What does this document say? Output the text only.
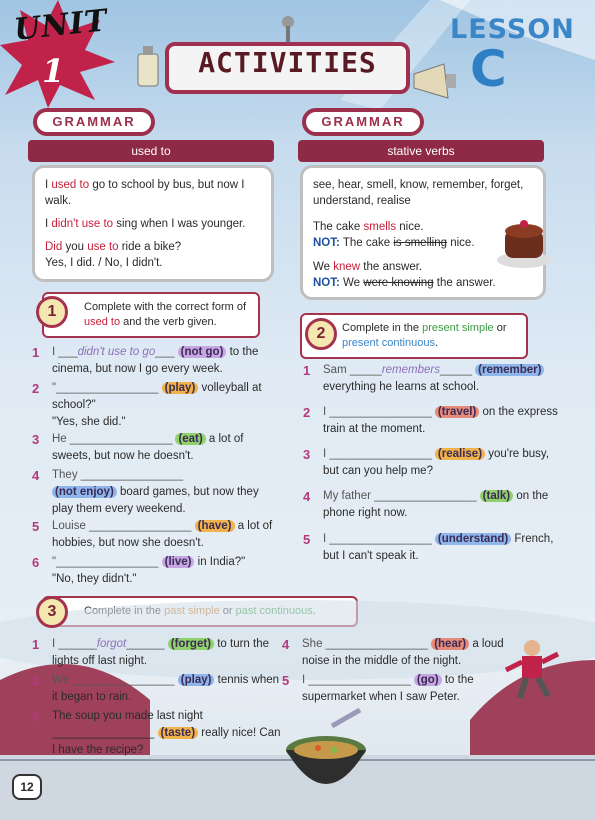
UNIT
1
LESSON
C
ACTIVITIES
GRAMMAR
used to

I used to go to school by bus, but now I walk.

I didn't use to sing when I was younger.

Did you use to ride a bike?

Yes, I did. / No, I didn't.

GRAMMAR
stative verbs

see, hear, smell, know, remember, forget, understand, realise

The cake smells nice.

NOT: The cake is smelling nice.

We knew the answer.

NOT: We were knowing the answer.

1	Complete with the correct form of used to and the verb given.
1 I ___didn't use to go___ (not go) to the cinema, but now I go every week.
2 "________________ (play) volleyball at school?"
"Yes, she did."
3 He ________________ (eat) a lot of sweets, but now he doesn't.
4 They ________________
(not enjoy) board games, but now they play them every weekend.
5 Louise ________________ (have) a lot of hobbies, but now she doesn't.
6 "________________ (live) in India?"
"No, they didn't."
2	Complete in the present simple or present continuous.
1 Sam _____remembers_____ (remember) everything he learns at school.
2 I ________________ (travel) on the express train at the moment.
3 I ________________ (realise) you're busy, but can you help me?
4 My father ________________ (talk) on the phone right now.
5 I ________________ (understand) French, but I can't speak it.
3
1 I ______forgot______ (forget) to turn the lights off last night.
2 We ________________ (play) tennis when it began to rain.
3 The soup you made last night ________________ (taste) really nice! Can I have the recipe?
4 She ________________ (hear) a loud noise in the middle of the night.
5 I ________________ (go) to the supermarket when I saw Peter.
12
